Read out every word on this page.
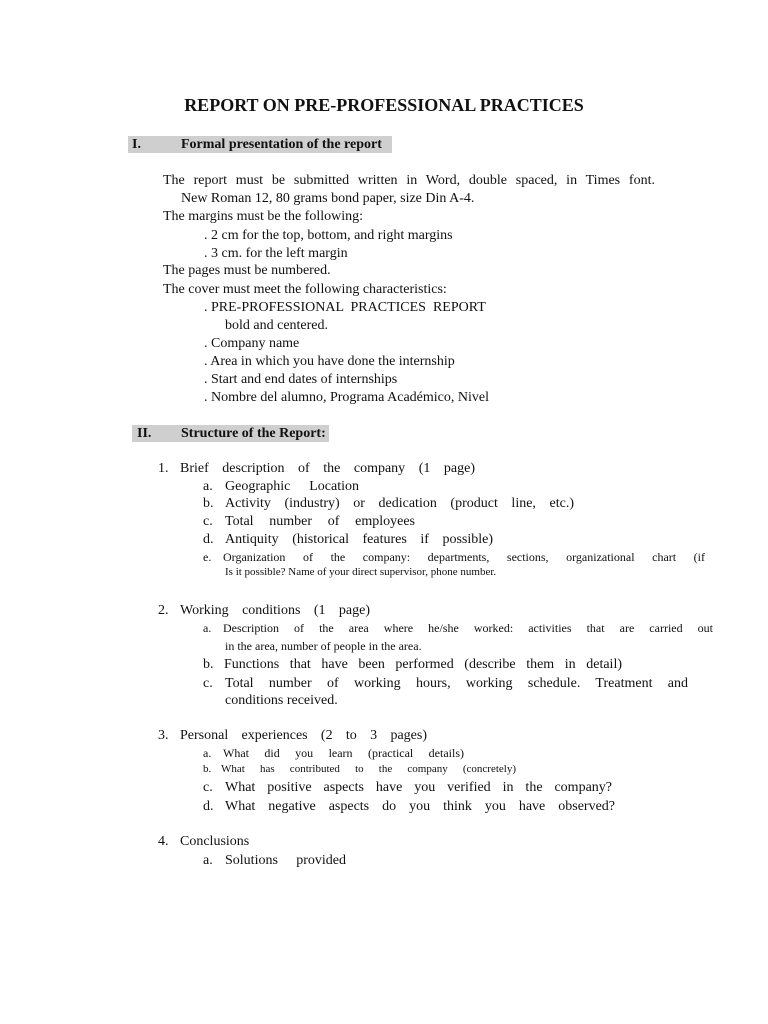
REPORT ON PRE-PROFESSIONAL PRACTICES
I.	Formal presentation of the report
The report must be submitted written in Word, double spaced, in Times font.
New Roman 12, 80 grams bond paper, size Din A-4.
The margins must be the following:
. 2 cm for the top, bottom, and right margins
. 3 cm. for the left margin
The pages must be numbered.
The cover must meet the following characteristics:
. PRE-PROFESSIONAL  PRACTICES  REPORT
bold and centered.
. Company name
. Area in which you have done the internship
. Start and end dates of internships
. Nombre del alumno, Programa Académico, Nivel
II. Structure of the Report:
1. Brief description of the company (1 page)
a. Geographic Location
b. Activity (industry) or dedication (product line, etc.)
c. Total number of employees
d. Antiquity (historical features if possible)
e. Organization of the company: departments, sections, organizational chart (if
Is it possible? Name of your direct supervisor, phone number.
2. Working conditions (1 page)
a. Description of the area where he/she worked: activities that are carried out
in the area, number of people in the area.
b. Functions that have been performed (describe them in detail)
c. Total number of working hours, working schedule. Treatment and
conditions received.
3. Personal experiences (2 to 3 pages)
a. What did you learn (practical details)
b. What has contributed to the company (concretely)
c. What positive aspects have you verified in the company?
d. What negative aspects do you think you have observed?
4. Conclusions
a. Solutions provided
